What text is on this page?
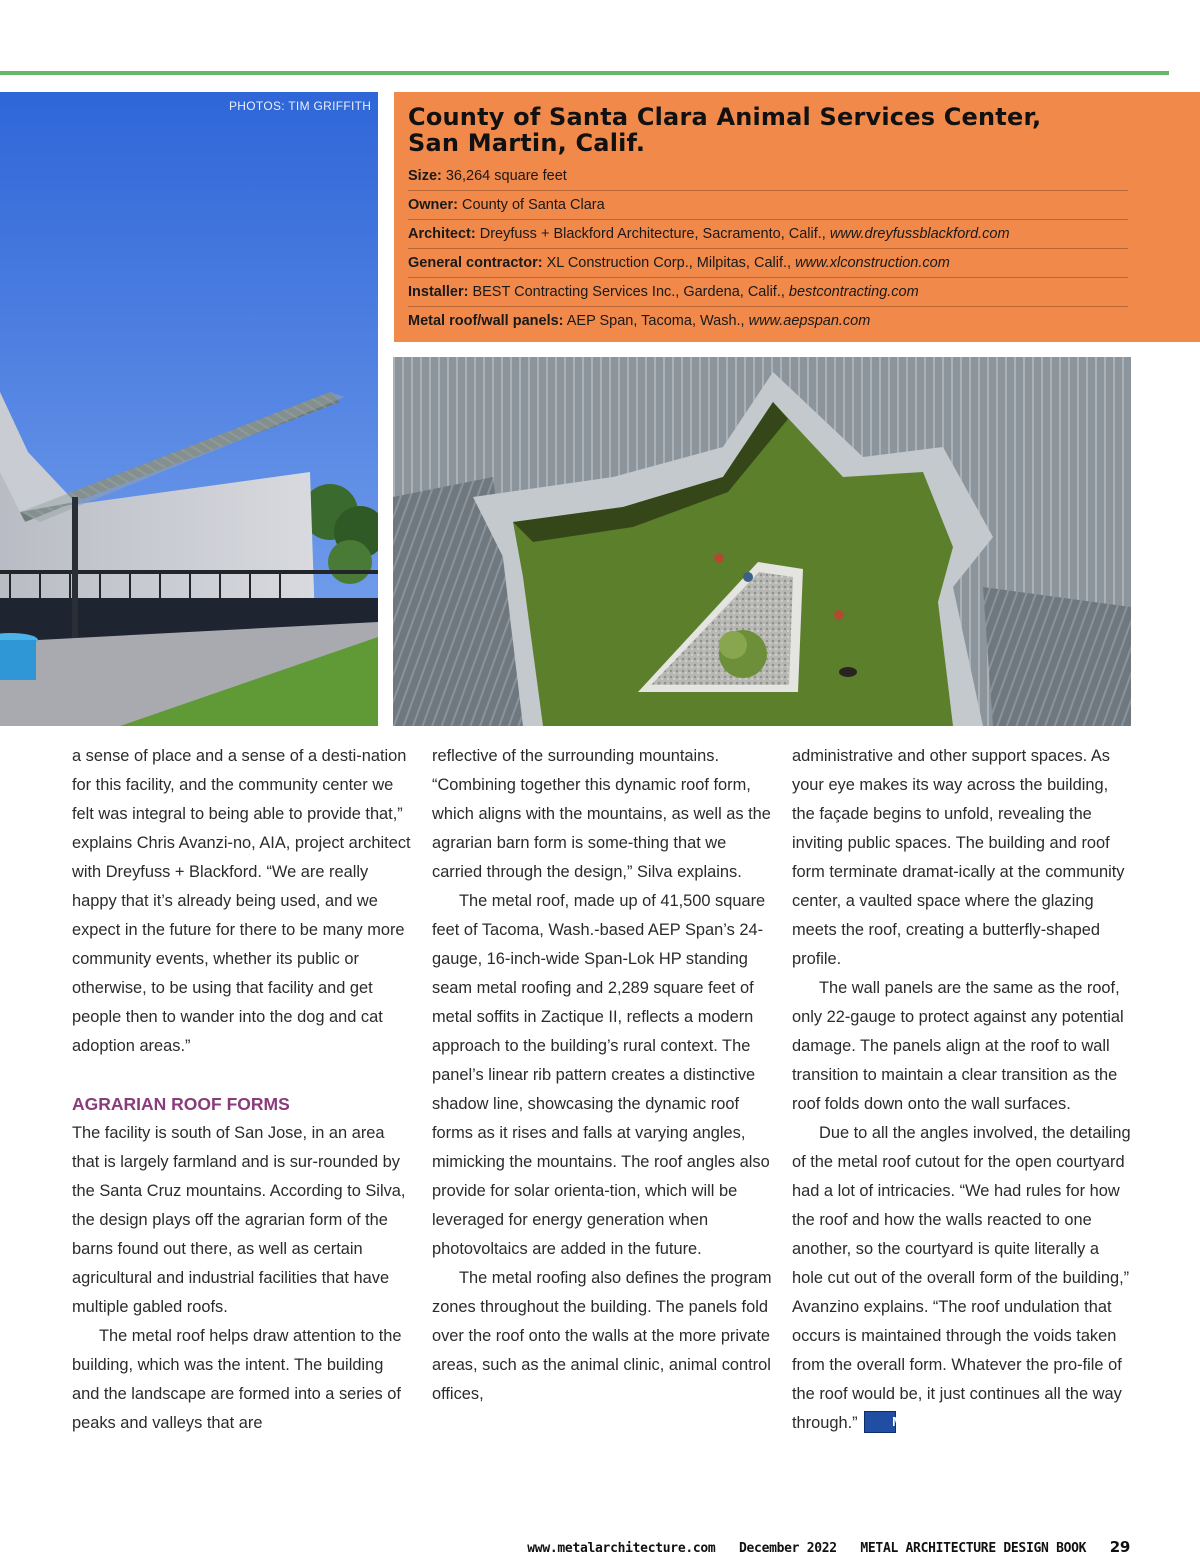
PHOTOS: TIM GRIFFITH County of Santa Clara Animal Services Center,
San Martin, Calif.
Size: 36,264 square feet
Owner: County of Santa Clara
Architect: Dreyfuss + Blackford Architecture, Sacramento, Calif., www.dreyfussblackford.com
General contractor: XL Construction Corp., Milpitas, Calif., www.xlconstruction.com
Installer: BEST Contracting Services Inc., Gardena, Calif., bestcontracting.com
Metal roof/wall panels: AEP Span, Tacoma, Wash., www.aepspan.com

a sense of place and a sense of a desti-nation for this facility, and the community center we felt was integral to being able to provide that,” explains Chris Avanzi-no, AIA, project architect with Dreyfuss + Blackford. “We are really happy that it’s already being used, and we expect in the future for there to be many more community events, whether its public or otherwise, to be using that facility and get people then to wander into the dog and cat adoption areas.”

AGRARIAN ROOF FORMS

The facility is south of San Jose, in an area that is largely farmland and is sur-rounded by the Santa Cruz mountains. According to Silva, the design plays off the agrarian form of the barns found out there, as well as certain agricultural and industrial facilities that have multiple gabled roofs.

The metal roof helps draw attention to the building, which was the intent. The building and the landscape are formed into a series of peaks and valleys that are

reflective of the surrounding mountains. “Combining together this dynamic roof form, which aligns with the mountains, as well as the agrarian barn form is some-thing that we carried through the design,” Silva explains.

The metal roof, made up of 41,500 square feet of Tacoma, Wash.-based AEP Span’s 24-gauge, 16-inch-wide Span-Lok HP standing seam metal roofing and 2,289 square feet of metal soffits in Zactique II, reflects a modern approach to the building’s rural context. The panel’s linear rib pattern creates a distinctive shadow line, showcasing the dynamic roof forms as it rises and falls at varying angles, mimicking the mountains. The roof angles also provide for solar orienta-tion, which will be leveraged for energy generation when photovoltaics are added in the future.

The metal roofing also defines the program zones throughout the building. The panels fold over the roof onto the walls at the more private areas, such as the animal clinic, animal control offices,

administrative and other support spaces. As your eye makes its way across the building, the façade begins to unfold, revealing the inviting public spaces. The building and roof form terminate dramat-ically at the community center, a vaulted space where the glazing meets the roof, creating a butterfly-shaped profile.

The wall panels are the same as the roof, only 22-gauge to protect against any potential damage. The panels align at the roof to wall transition to maintain a clear transition as the roof folds down onto the wall surfaces.

Due to all the angles involved, the detailing of the metal roof cutout for the open courtyard had a lot of intricacies. “We had rules for how the roof and how the walls reacted to one another, so the courtyard is quite literally a hole cut out of the overall form of the building,” Avanzino explains. “The roof undulation that occurs is maintained through the voids taken from the overall form. Whatever the pro-file of the roof would be, it just continues all the way through.”	Ma

www.metalarchitecture.com December 2022 METAL ARCHITECTURE DESIGN BOOK 29
